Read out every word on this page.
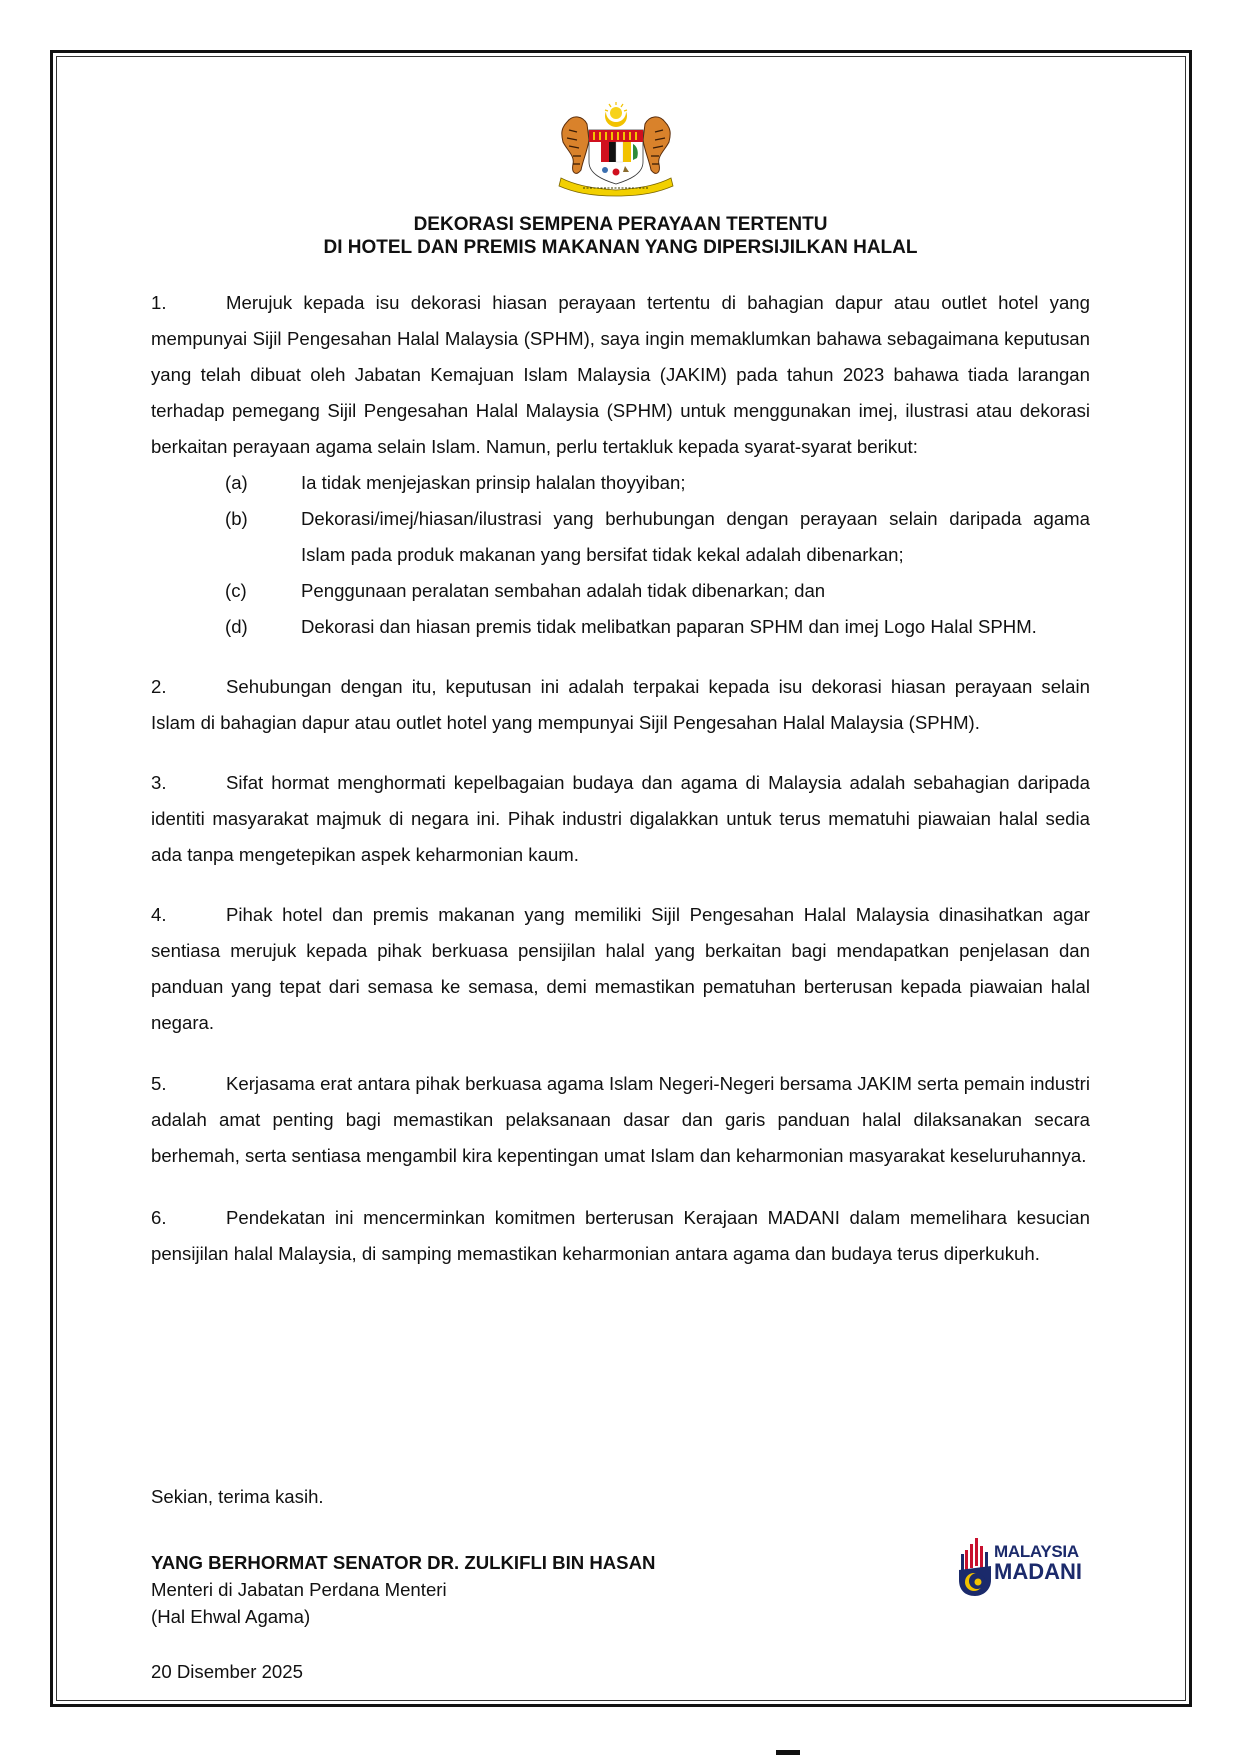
DEKORASI SEMPENA PERAYAAN TERTENTU
DI HOTEL DAN PREMIS MAKANAN YANG DIPERSIJILKAN HALAL

1.	Merujuk kepada isu dekorasi hiasan perayaan tertentu di bahagian dapur atau outlet hotel yang mempunyai Sijil Pengesahan Halal Malaysia (SPHM), saya ingin memaklumkan bahawa sebagaimana keputusan yang telah dibuat oleh Jabatan Kemajuan Islam Malaysia (JAKIM) pada tahun 2023 bahawa tiada larangan terhadap pemegang Sijil Pengesahan Halal Malaysia (SPHM) untuk menggunakan imej, ilustrasi atau dekorasi berkaitan perayaan agama selain Islam. Namun, perlu tertakluk kepada syarat-syarat berikut:

(a)	Ia tidak menjejaskan prinsip halalan thoyyiban;
(b)	Dekorasi/imej/hiasan/ilustrasi yang berhubungan dengan perayaan selain daripada agama Islam pada produk makanan yang bersifat tidak kekal adalah dibenarkan;
(c)	Penggunaan peralatan sembahan adalah tidak dibenarkan; dan
(d)	Dekorasi dan hiasan premis tidak melibatkan paparan SPHM dan imej Logo Halal SPHM.

2.	Sehubungan dengan itu, keputusan ini adalah terpakai kepada isu dekorasi hiasan perayaan selain Islam di bahagian dapur atau outlet hotel yang mempunyai Sijil Pengesahan Halal Malaysia (SPHM).

3.	Sifat hormat menghormati kepelbagaian budaya dan agama di Malaysia adalah sebahagian daripada identiti masyarakat majmuk di negara ini. Pihak industri digalakkan untuk terus mematuhi piawaian halal sedia ada tanpa mengetepikan aspek keharmonian kaum.

4.	Pihak hotel dan premis makanan yang memiliki Sijil Pengesahan Halal Malaysia dinasihatkan agar sentiasa merujuk kepada pihak berkuasa pensijilan halal yang berkaitan bagi mendapatkan penjelasan dan panduan yang tepat dari semasa ke semasa, demi memastikan pematuhan berterusan kepada piawaian halal negara.

5.	Kerjasama erat antara pihak berkuasa agama Islam Negeri-Negeri bersama JAKIM serta pemain industri adalah amat penting bagi memastikan pelaksanaan dasar dan garis panduan halal dilaksanakan secara berhemah, serta sentiasa mengambil kira kepentingan umat Islam dan keharmonian masyarakat keseluruhannya.

6.	Pendekatan ini mencerminkan komitmen berterusan Kerajaan MADANI dalam memelihara kesucian pensijilan halal Malaysia, di samping memastikan keharmonian antara agama dan budaya terus diperkukuh.

Sekian, terima kasih.
YANG BERHORMAT SENATOR DR. ZULKIFLI BIN HASAN
Menteri di Jabatan Perdana Menteri
(Hal Ehwal Agama)
20 Disember 2025
MALAYSIA
MADANI
